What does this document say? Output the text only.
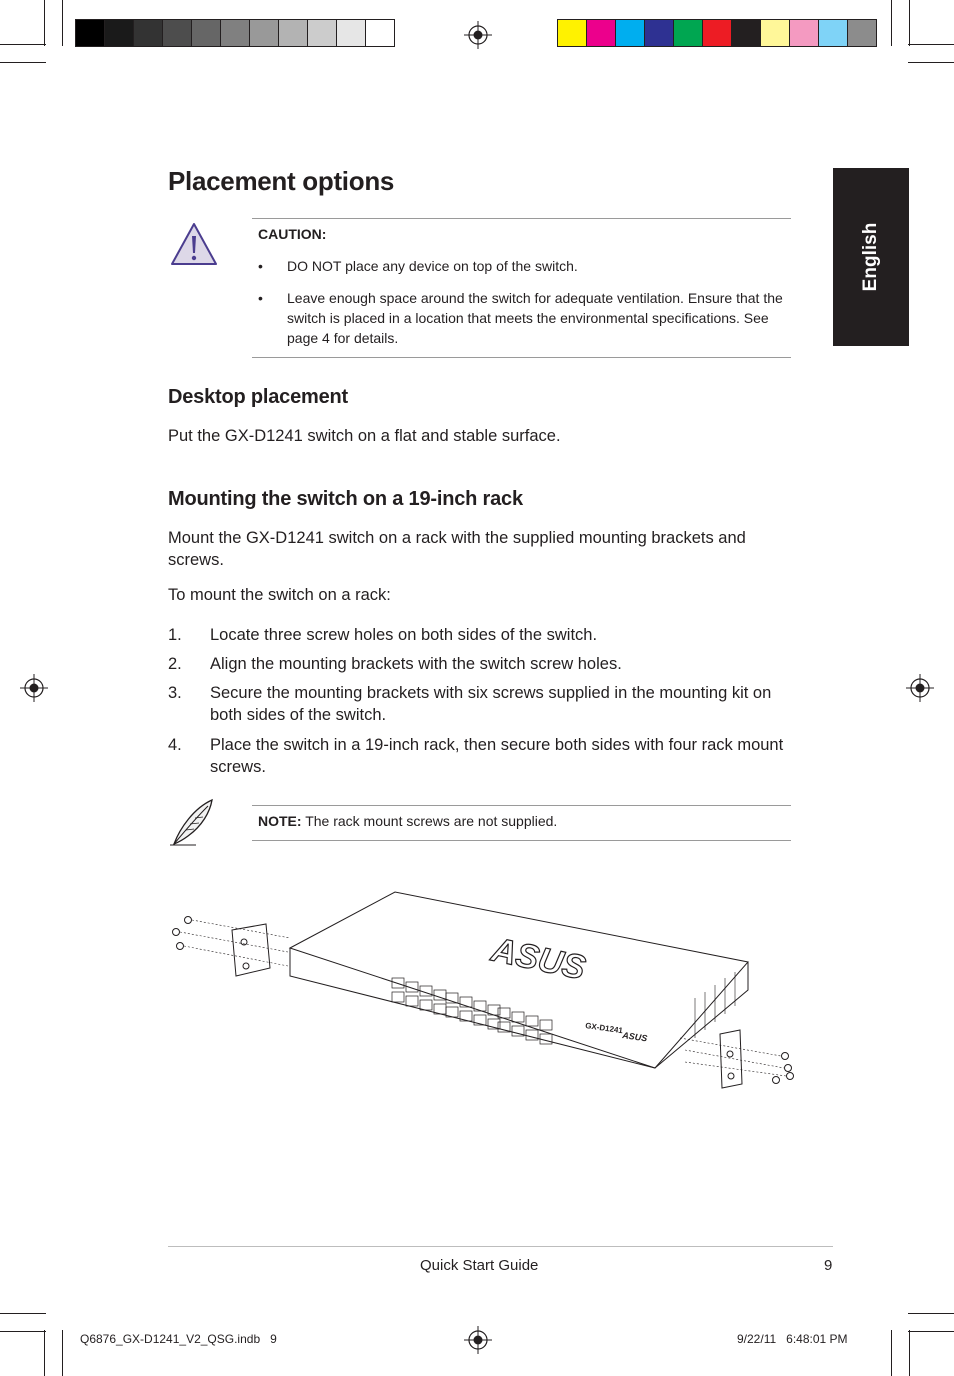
English
Placement options
CAUTION:
• DO NOT place any device on top of the switch.
• Leave enough space around the switch for adequate ventilation. Ensure that the switch is placed in a location that meets the environmental specifications. See page 4 for details.
Desktop placement
Put the GX-D1241 switch on a flat and stable surface.
Mounting the switch on a 19-inch rack
Mount the GX-D1241 switch on a rack with the supplied mounting brackets and screws.
To mount the switch on a rack:
1. Locate three screw holes on both sides of the switch.
2. Align the mounting brackets with the switch screw holes.
3. Secure the mounting brackets with six screws supplied in the mounting kit on both sides of the switch.
4. Place the switch in a 19-inch rack, then secure both sides with four rack mount screws.
NOTE: The rack mount screws are not supplied.
ASUS
GX-D1241
ASUS
Quick Start Guide	9
Q6876_GX-D1241_V2_QSG.indb   9	9/22/11   6:48:01 PM
